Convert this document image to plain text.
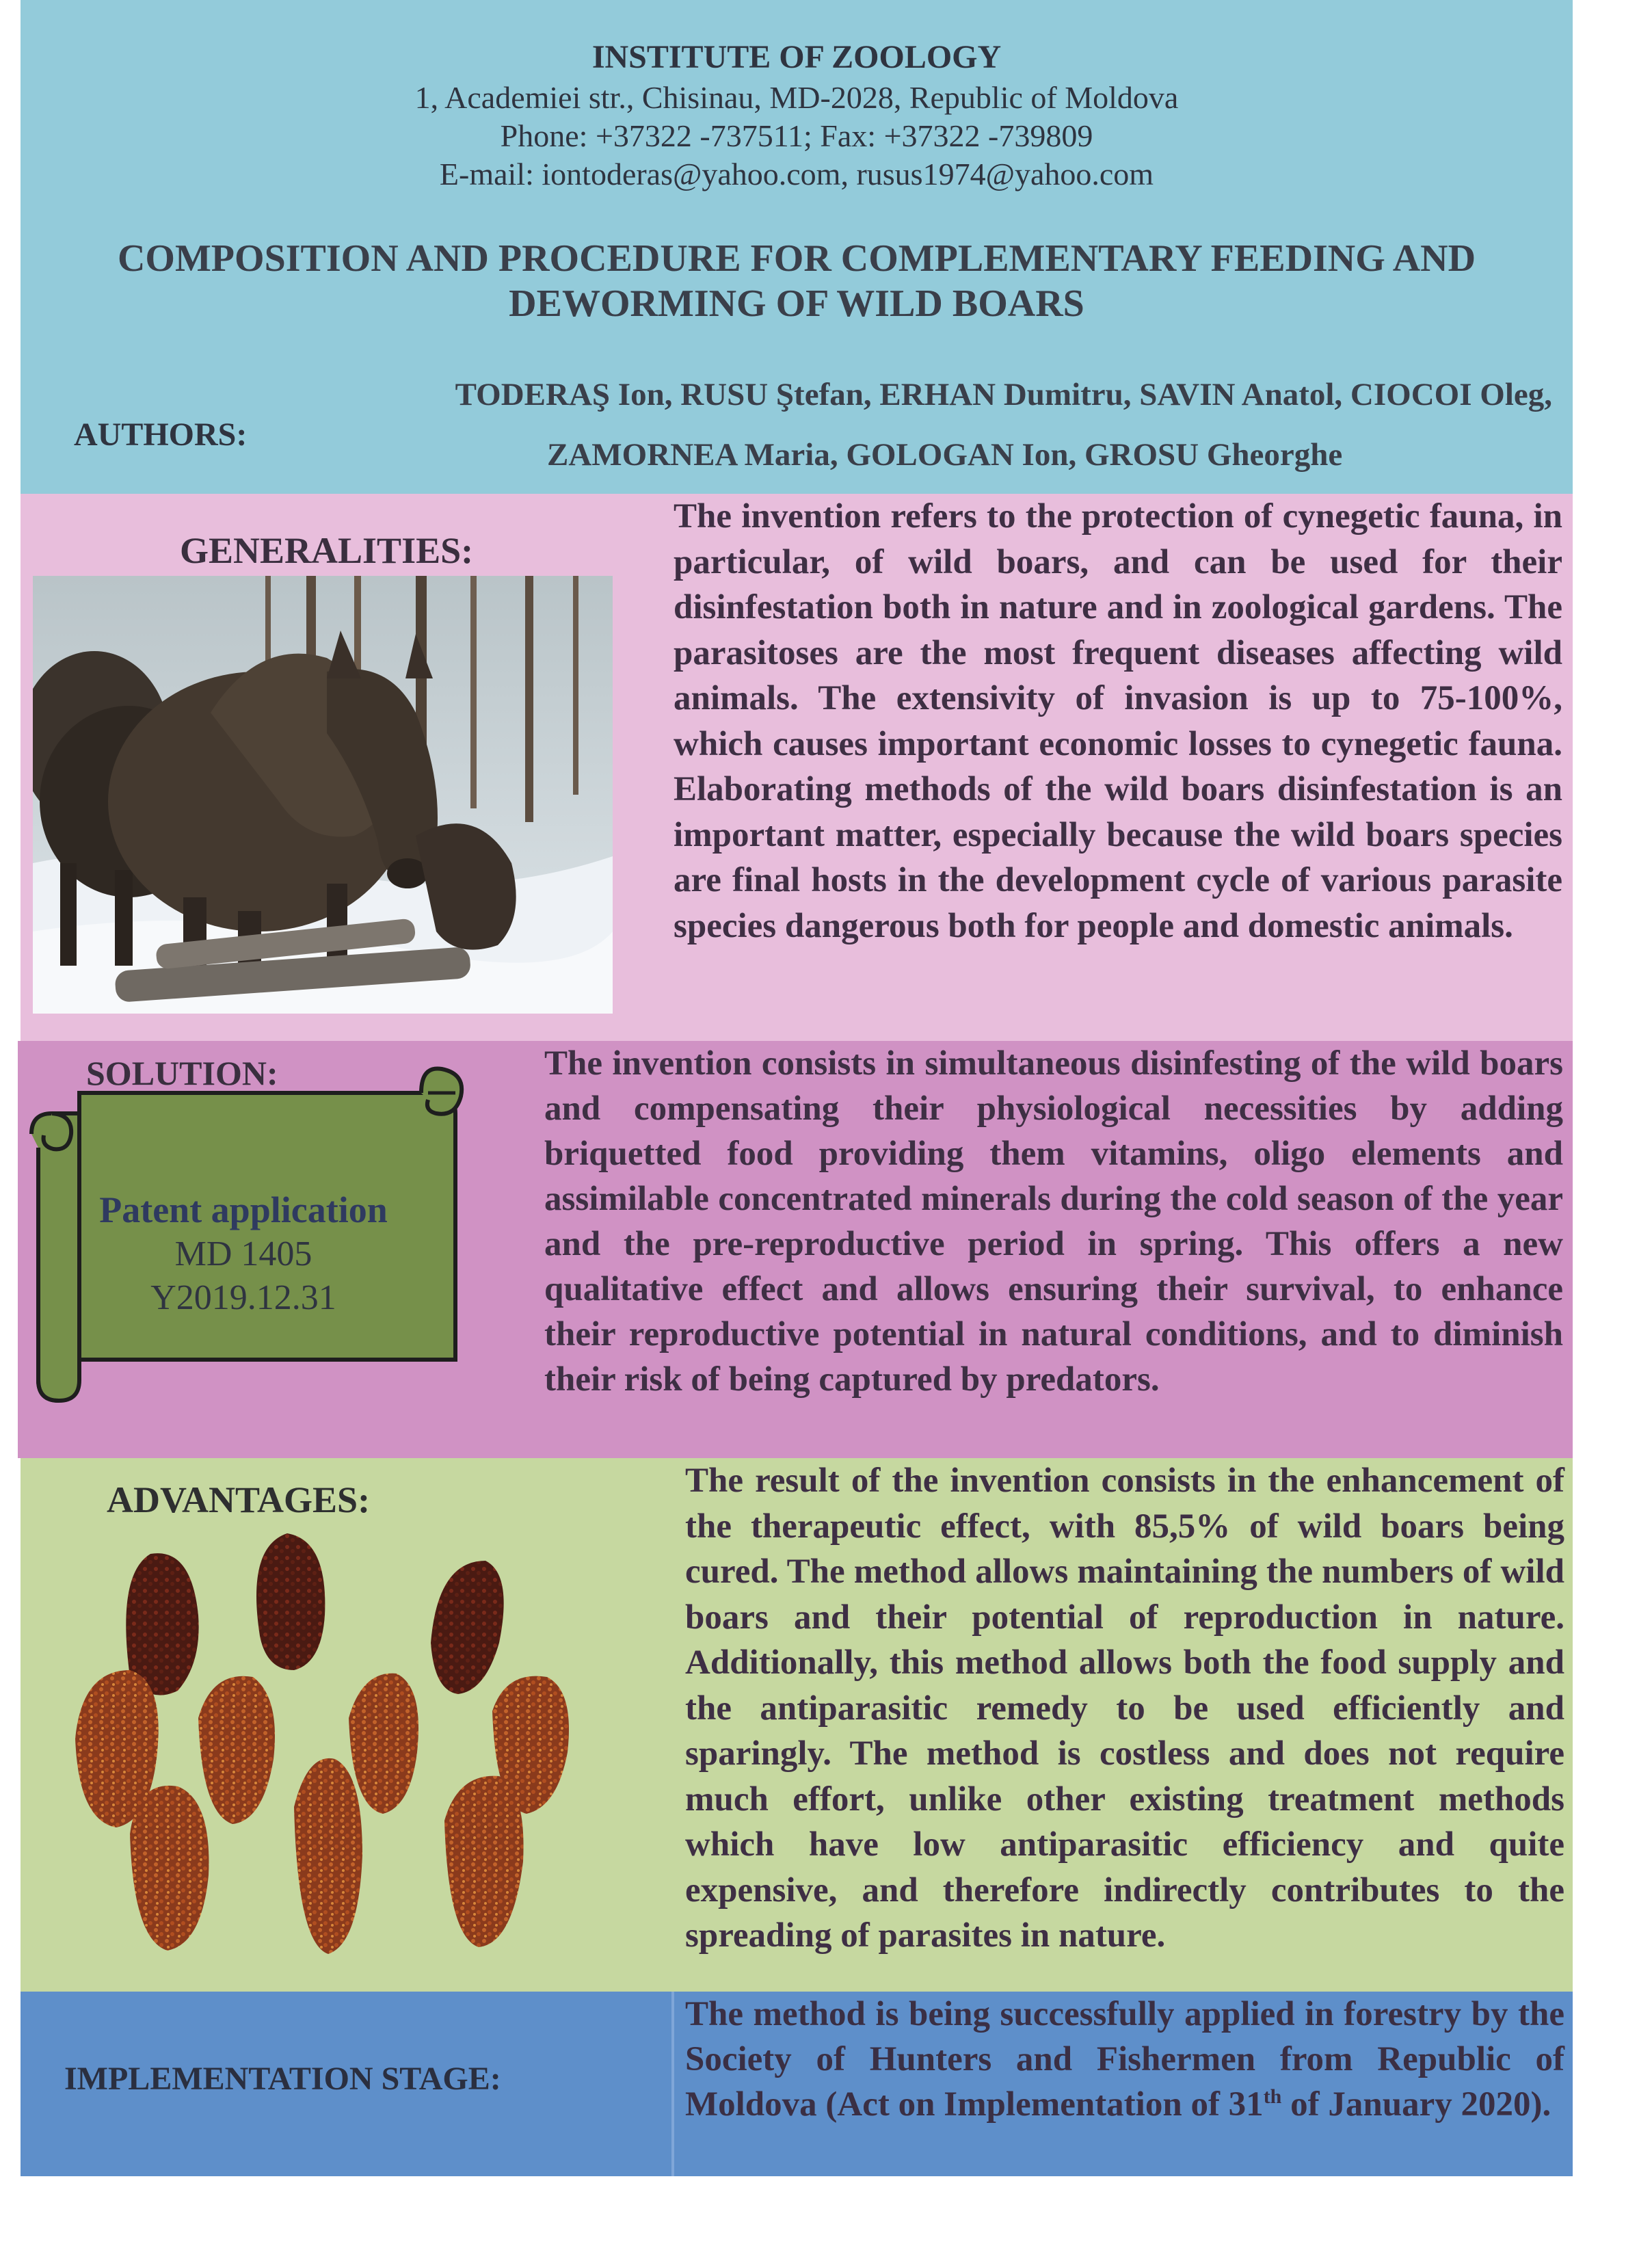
INSTITUTE OF ZOOLOGY
1, Academiei str., Chisinau, MD-2028, Republic of Moldova
Phone: +37322 -737511; Fax: +37322 -739809
E-mail: iontoderas@yahoo.com, rusus1974@yahoo.com
COMPOSITION AND PROCEDURE FOR COMPLEMENTARY FEEDING AND DEWORMING OF WILD BOARS
AUTHORS:
TODERAŞ Ion, RUSU Ştefan, ERHAN Dumitru, SAVIN Anatol, CIOCOI Oleg,
ZAMORNEA Maria, GOLOGAN Ion, GROSU Gheorghe
GENERALITIES:
The invention refers to the protection of cynegetic fauna, in particular, of wild boars, and can be used for their disinfestation both in nature and in zoological gardens. The parasitoses are the most frequent diseases affecting wild animals. The extensivity of invasion is up to 75-100%, which causes important economic losses to cynegetic fauna. Elaborating methods of the wild boars disinfestation is an important matter, especially because the wild boars species are final hosts in the development cycle of various parasite species dangerous both for people and domestic animals.
SOLUTION:
Patent application
MD 1405
Y2019.12.31
The invention consists in simultaneous disinfesting of the wild boars and compensating their physiological necessities by adding briquetted food providing them vitamins, oligo elements and assimilable concentrated minerals during the cold season of the year and the pre-reproductive period in spring. This offers a new qualitative effect and allows ensuring their survival, to enhance their reproductive potential in natural conditions, and to diminish their risk of being captured by predators.
ADVANTAGES:	The result of the invention consists in the enhancement of the therapeutic effect, with 85,5% of wild boars being cured. The method allows maintaining the numbers of wild boars and their potential of reproduction in nature. Additionally, this method allows both the food supply and the antiparasitic remedy to be used efficiently and sparingly. The method is costless and does not require much effort, unlike other existing treatment methods which have low antiparasitic efficiency and quite expensive, and therefore indirectly contributes to the spreading of parasites in nature.
IMPLEMENTATION STAGE:
The method is being successfully applied in forestry by the Society of Hunters and Fishermen from Republic of Moldova (Act on Implementation of 31th of January 2020).
